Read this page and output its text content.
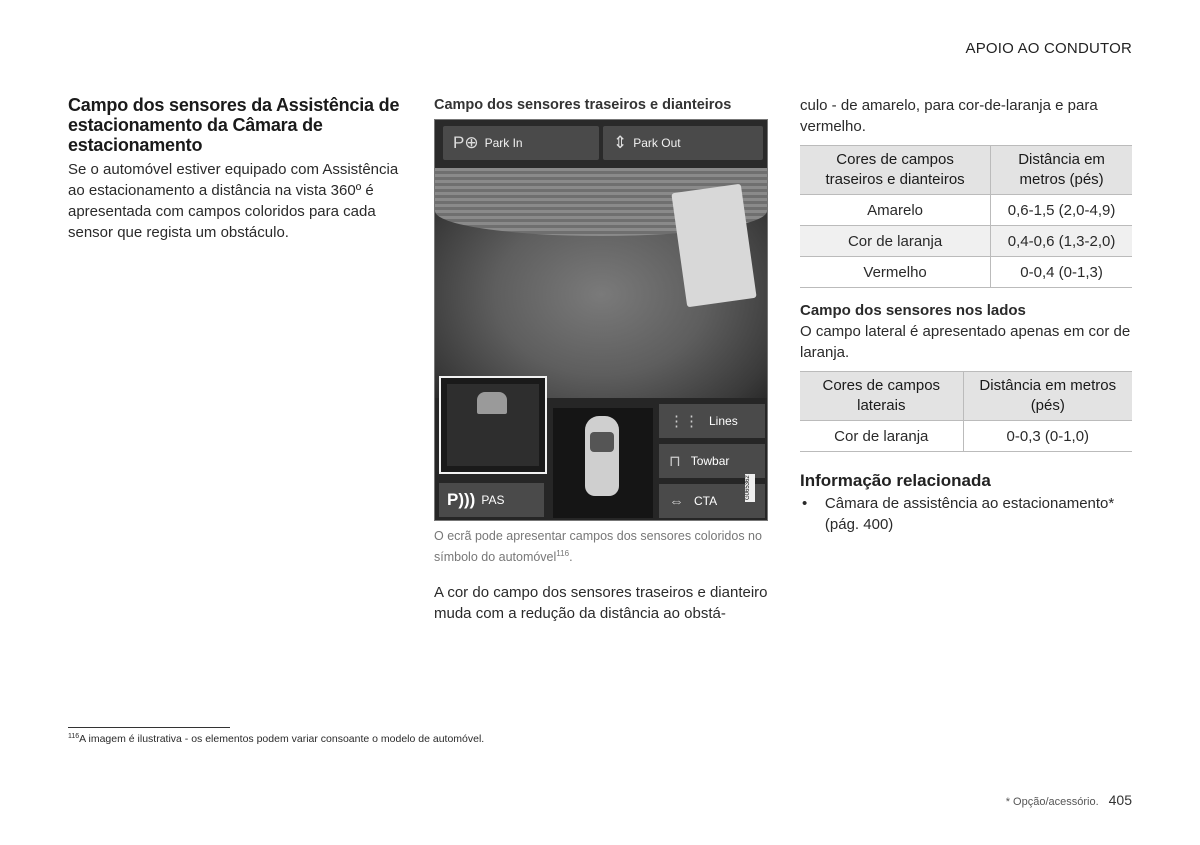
APOIO AO CONDUTOR
Campo dos sensores da Assistência de estacionamento da Câmara de estacionamento

Se o automóvel estiver equipado com Assistência ao estacionamento a distância na vista 360º é apresentada com campos coloridos para cada sensor que regista um obstáculo.

Campo dos sensores traseiros e dianteiros
P⊕ Park In	⇕ Park Out
P))) PAS
⋮⋮ Lines
⊓ Towbar
⇔ CTA
G065362
O ecrã pode apresentar campos dos sensores coloridos no símbolo do automóvel$^{116}$.
A cor do campo dos sensores traseiros e dianteiro muda com a redução da distância ao obstá-

culo - de amarelo, para cor-de-laranja e para vermelho.

Cores de campos traseiros e dianteiros	Distância em metros (pés)
Amarelo	0,6-1,5 (2,0-4,9)
Cor de laranja	0,4-0,6 (1,3-2,0)
Vermelho	0-0,4 (0-1,3)
Campo dos sensores nos lados

O campo lateral é apresentado apenas em cor de laranja.

Cores de campos laterais	Distância em metros (pés)
Cor de laranja	0-0,3 (0-1,0)
Informação relacionada
•	Câmara de assistência ao estacionamento* (pág. 400)
$^{116}$A imagem é ilustrativa - os elementos podem variar consoante o modelo de automóvel.
* Opção/acessório. 405
